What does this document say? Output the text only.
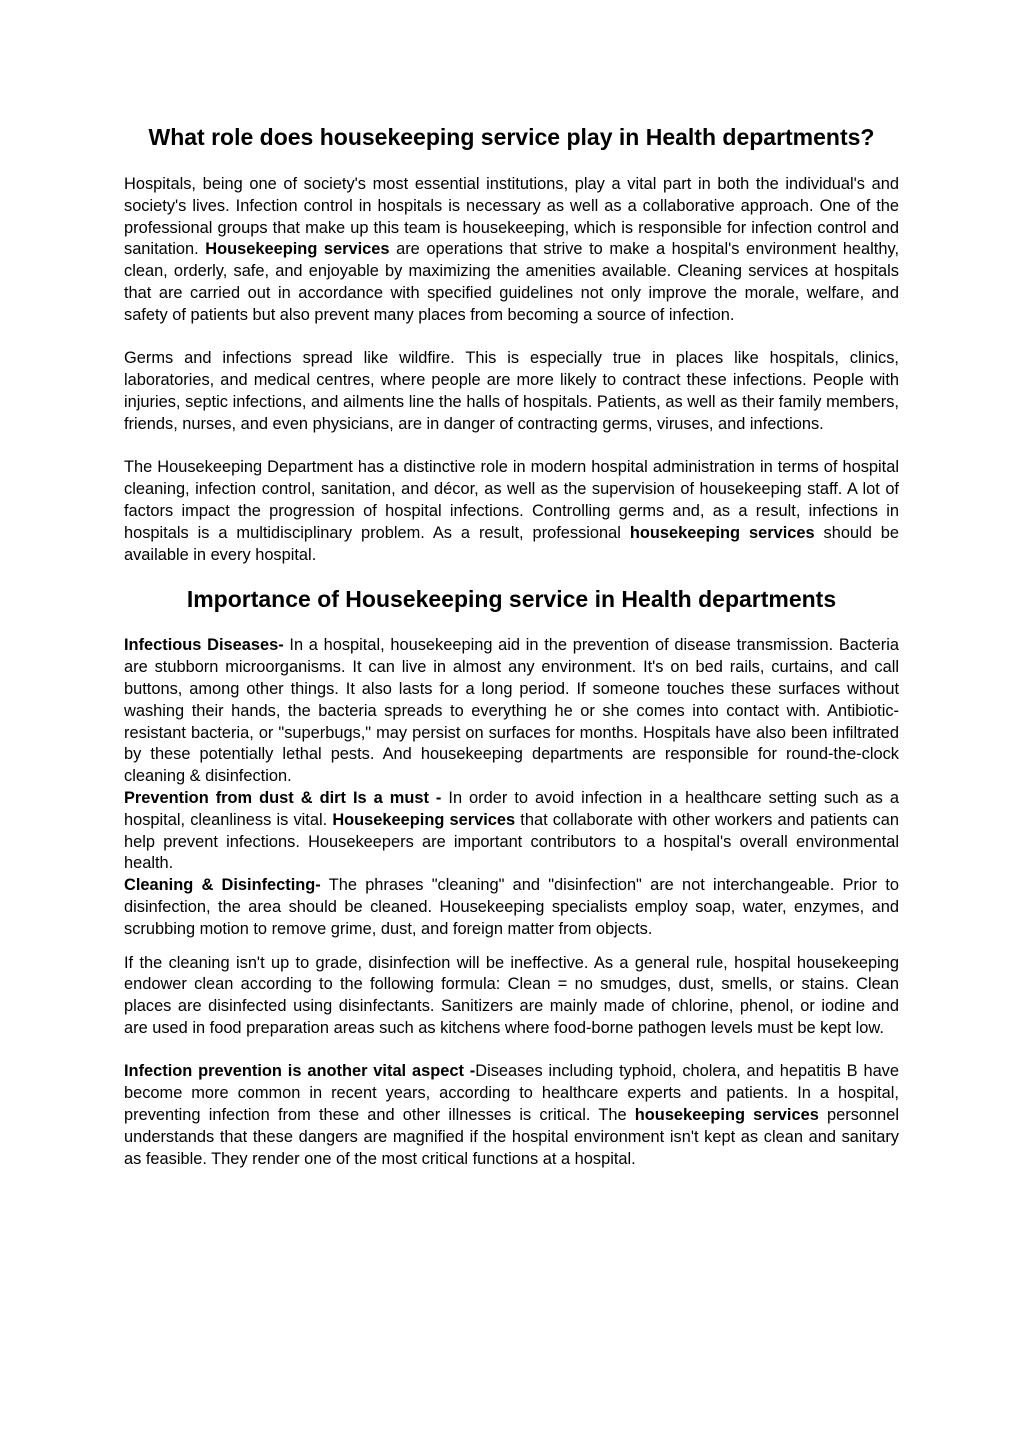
What role does housekeeping service play in Health departments?

Hospitals, being one of society's most essential institutions, play a vital part in both the individual's and society's lives. Infection control in hospitals is necessary as well as a collaborative approach. One of the professional groups that make up this team is housekeeping, which is responsible for infection control and sanitation. Housekeeping services are operations that strive to make a hospital's environment healthy, clean, orderly, safe, and enjoyable by maximizing the amenities available. Cleaning services at hospitals that are carried out in accordance with specified guidelines not only improve the morale, welfare, and safety of patients but also prevent many places from becoming a source of infection.

Germs and infections spread like wildfire. This is especially true in places like hospitals, clinics, laboratories, and medical centres, where people are more likely to contract these infections. People with injuries, septic infections, and ailments line the halls of hospitals. Patients, as well as their family members, friends, nurses, and even physicians, are in danger of contracting germs, viruses, and infections.

The Housekeeping Department has a distinctive role in modern hospital administration in terms of hospital cleaning, infection control, sanitation, and décor, as well as the supervision of housekeeping staff. A lot of factors impact the progression of hospital infections. Controlling germs and, as a result, infections in hospitals is a multidisciplinary problem. As a result, professional housekeeping services should be available in every hospital.

Importance of Housekeeping service in Health departments

Infectious Diseases- In a hospital, housekeeping aid in the prevention of disease transmission. Bacteria are stubborn microorganisms. It can live in almost any environment. It's on bed rails, curtains, and call buttons, among other things. It also lasts for a long period. If someone touches these surfaces without washing their hands, the bacteria spreads to everything he or she comes into contact with. Antibiotic-resistant bacteria, or "superbugs," may persist on surfaces for months. Hospitals have also been infiltrated by these potentially lethal pests. And housekeeping departments are responsible for round-the-clock cleaning & disinfection.

Prevention from dust & dirt Is a must - In order to avoid infection in a healthcare setting such as a hospital, cleanliness is vital. Housekeeping services that collaborate with other workers and patients can help prevent infections. Housekeepers are important contributors to a hospital's overall environmental health.

Cleaning & Disinfecting- The phrases "cleaning" and "disinfection" are not interchangeable. Prior to disinfection, the area should be cleaned. Housekeeping specialists employ soap, water, enzymes, and scrubbing motion to remove grime, dust, and foreign matter from objects.

If the cleaning isn't up to grade, disinfection will be ineffective. As a general rule, hospital housekeeping endower clean according to the following formula: Clean = no smudges, dust, smells, or stains. Clean places are disinfected using disinfectants. Sanitizers are mainly made of chlorine, phenol, or iodine and are used in food preparation areas such as kitchens where food-borne pathogen levels must be kept low.

Infection prevention is another vital aspect -Diseases including typhoid, cholera, and hepatitis B have become more common in recent years, according to healthcare experts and patients. In a hospital, preventing infection from these and other illnesses is critical. The housekeeping services personnel understands that these dangers are magnified if the hospital environment isn't kept as clean and sanitary as feasible. They render one of the most critical functions at a hospital.
